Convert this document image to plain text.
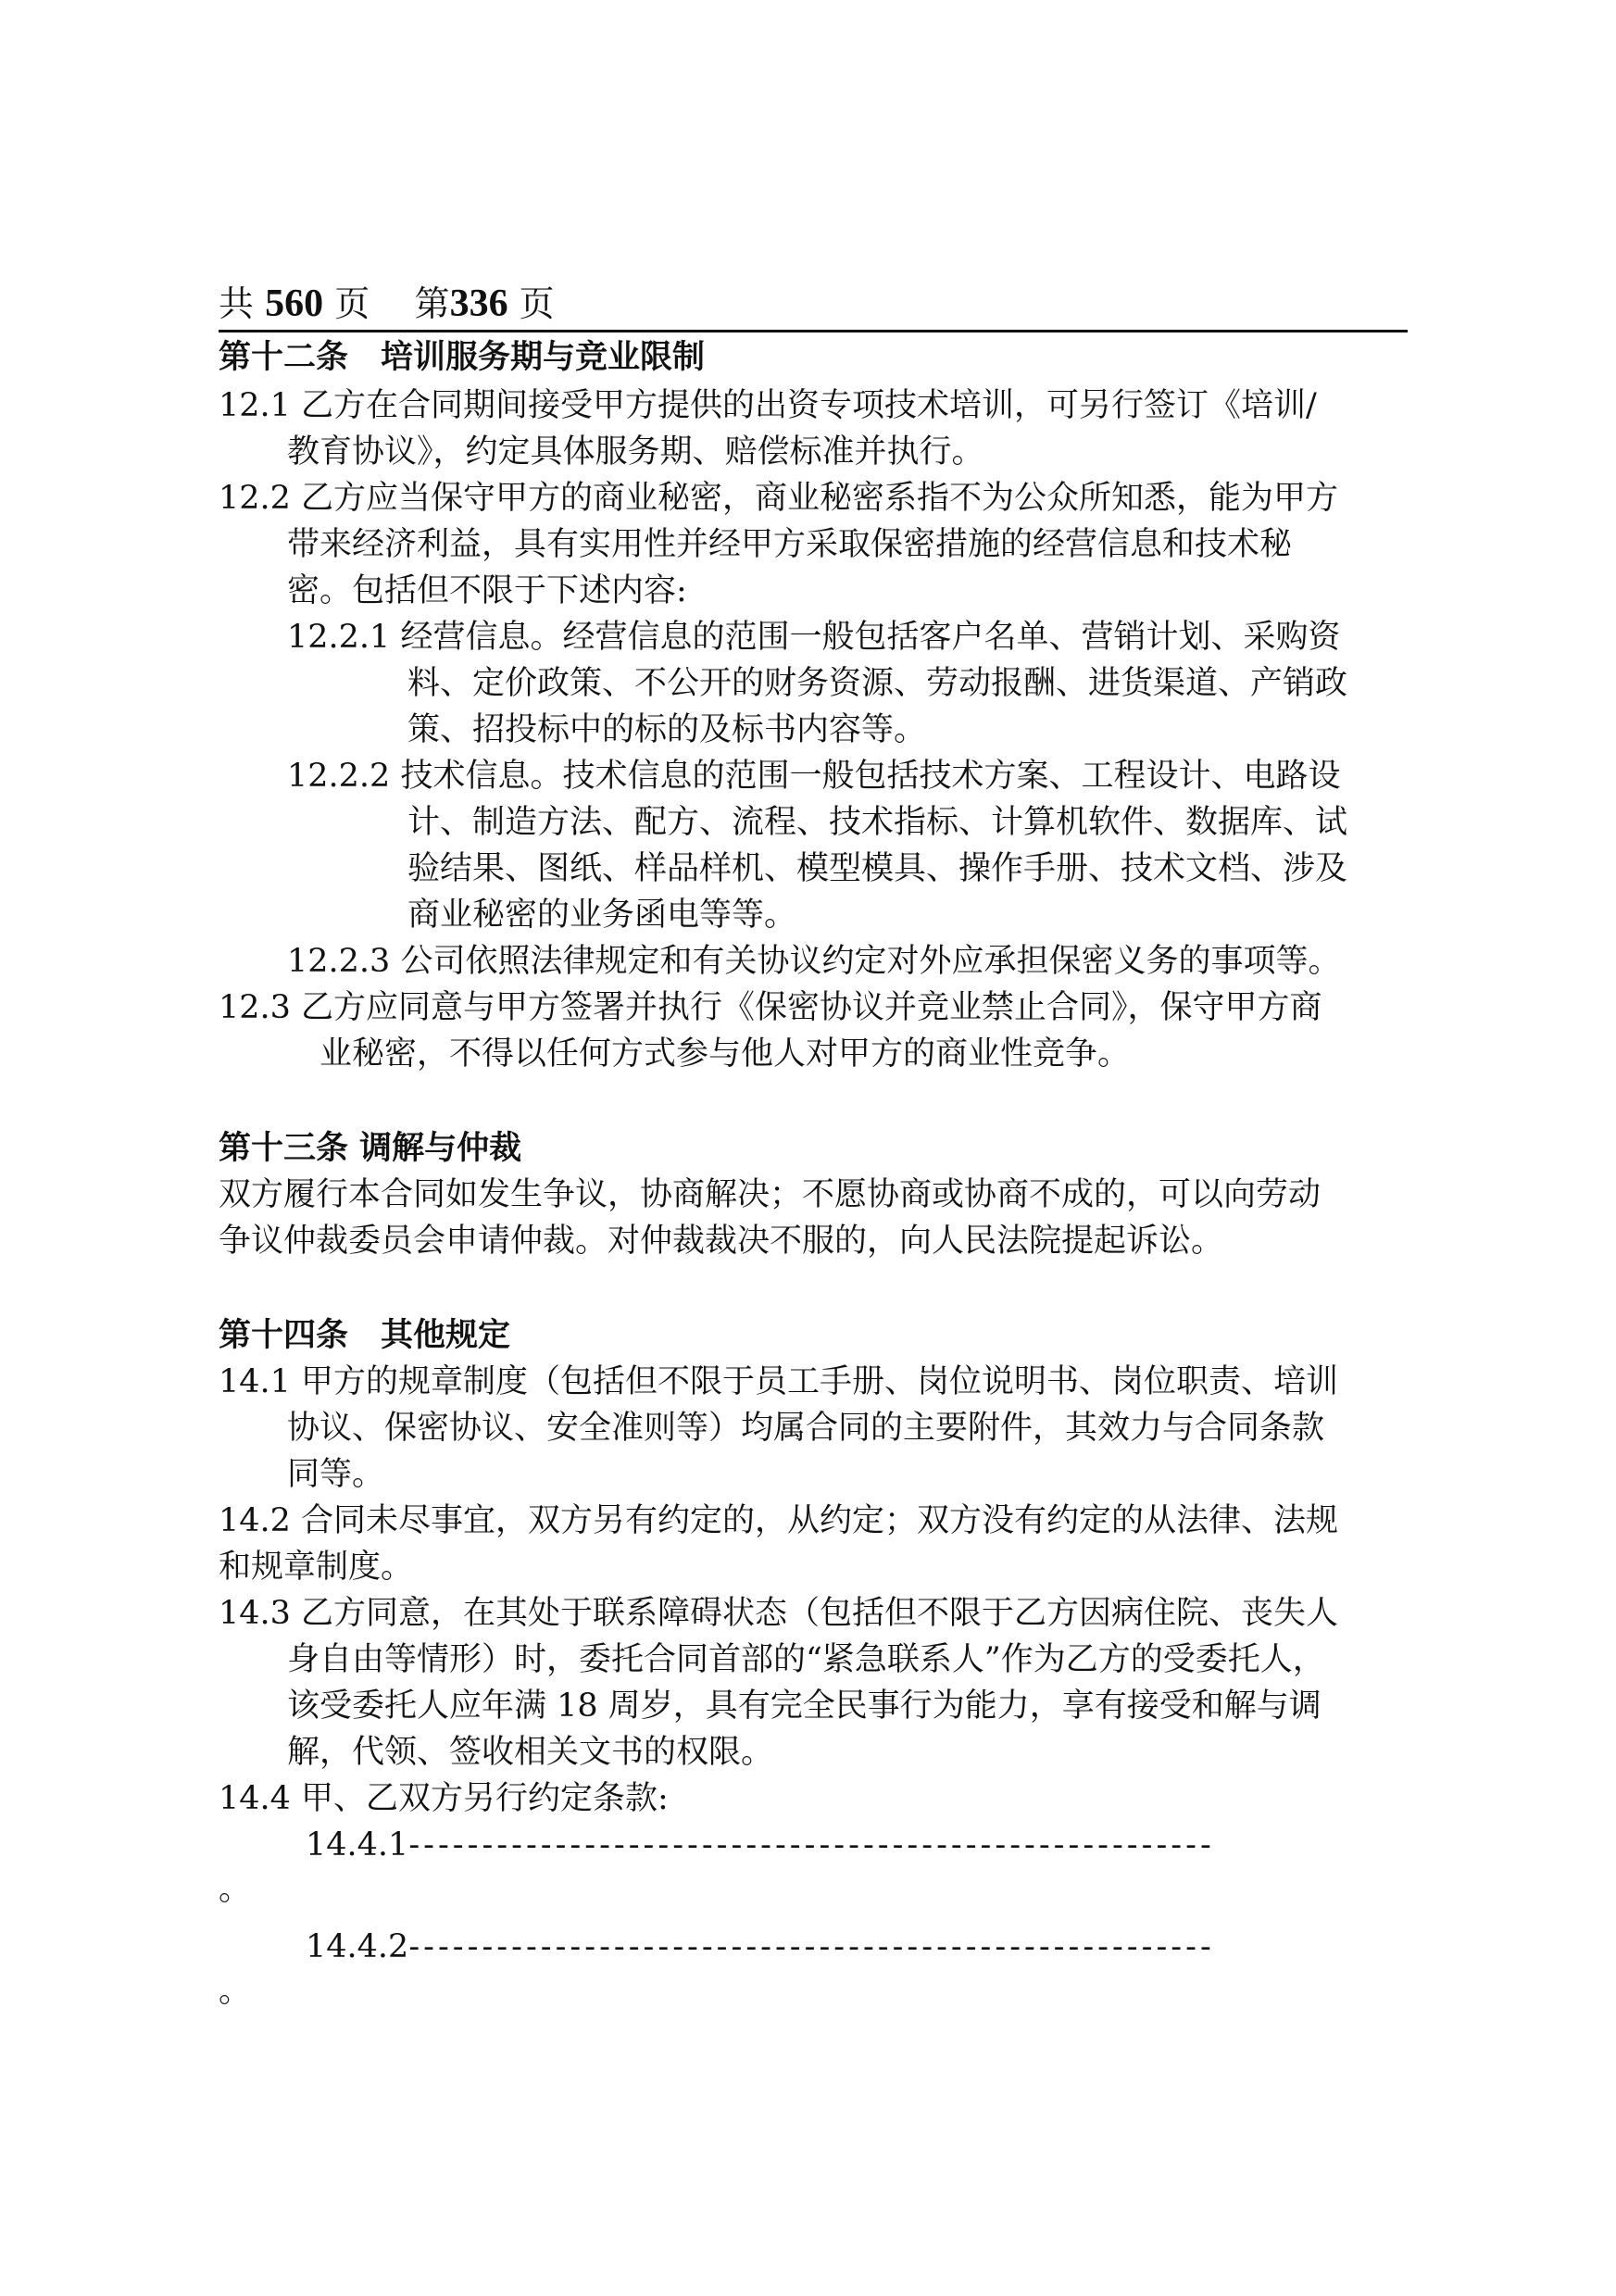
共 560 页 第336 页
第十二条　培训服务期与竞业限制
12.1 乙方在合同期间接受甲方提供的出资专项技术培训，可另行签订《培训/
教育协议》，约定具体服务期、赔偿标准并执行。
12.2 乙方应当保守甲方的商业秘密，商业秘密系指不为公众所知悉，能为甲方
带来经济利益，具有实用性并经甲方采取保密措施的经营信息和技术秘
密。包括但不限于下述内容:
12.2.1 经营信息。经营信息的范围一般包括客户名单、营销计划、采购资
料、定价政策、不公开的财务资源、劳动报酬、进货渠道、产销政
策、招投标中的标的及标书内容等。
12.2.2 技术信息。技术信息的范围一般包括技术方案、工程设计、电路设
计、制造方法、配方、流程、技术指标、计算机软件、数据库、试
验结果、图纸、样品样机、模型模具、操作手册、技术文档、涉及
商业秘密的业务函电等等。
12.2.3 公司依照法律规定和有关协议约定对外应承担保密义务的事项等。
12.3 乙方应同意与甲方签署并执行《保密协议并竞业禁止合同》，保守甲方商
业秘密，不得以任何方式参与他人对甲方的商业性竞争。
第十三条 调解与仲裁
双方履行本合同如发生争议，协商解决；不愿协商或协商不成的，可以向劳动
争议仲裁委员会申请仲裁。对仲裁裁决不服的，向人民法院提起诉讼。
第十四条　其他规定
14.1 甲方的规章制度（包括但不限于员工手册、岗位说明书、岗位职责、培训
协议、保密协议、安全准则等）均属合同的主要附件，其效力与合同条款
同等。
14.2 合同未尽事宜，双方另有约定的，从约定；双方没有约定的从法律、法规
和规章制度。
14.3 乙方同意，在其处于联系障碍状态（包括但不限于乙方因病住院、丧失人
身自由等情形）时，委托合同首部的“紧急联系人”作为乙方的受委托人，
该受委托人应年满 18 周岁，具有完全民事行为能力，享有接受和解与调
解，代领、签收相关文书的权限。
14.4 甲、乙双方另行约定条款:
14.4.1-------------------------------------------------------
。
14.4.2-------------------------------------------------------
。
